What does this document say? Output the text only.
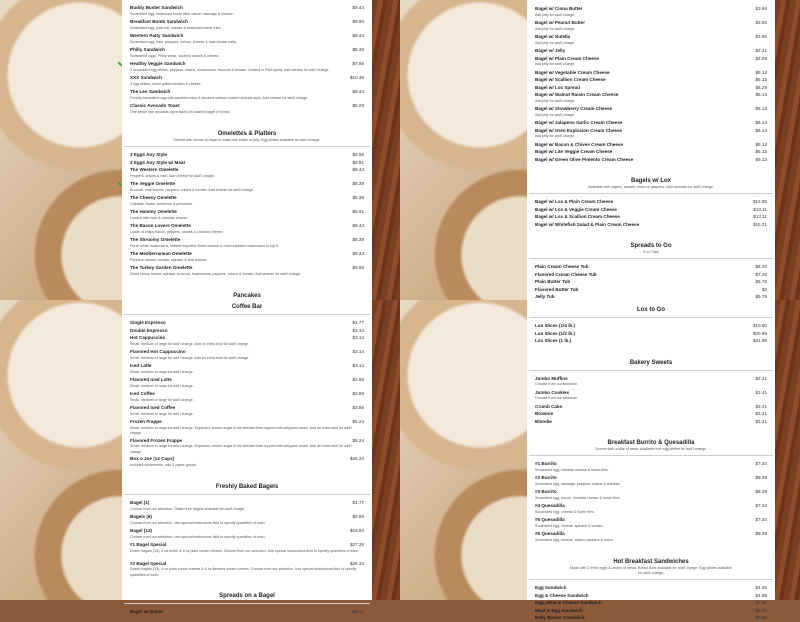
Buddy Buster Sandwich	$9.44
Scrambled egg, seasoned home fries, bacon, sausage & cheese.
Breakfast Bomb Sandwich	$8.60
Scrambled egg, pork roll, cheese & seasoned home fries.
Western Patty Sandwich	$9.44
Scrambled egg, ham, peppers, onions, cheese & hash brown patty.
Philly Sandwich	$8.39
Scrambled eggs, Philly steak, sauteed onions & cheese.
Healthy Veggie Sandwich	$7.86
3 scrambled egg whites, peppers, onions, mushrooms, broccoli & tomato. Cooked in PAM spray. Add cheese for add'l charge.
XXX Sandwich	$10.49
4 egg whites, diced grilled chicken & cheese.
The Leo Sandwich	$9.44
Freshly scrambled egg with sauteed onion & smoked salmon cooked oriental style. Add cheese for add'l charge.
Classic Avocado Toast	$6.29
One whole ripe avocado open faced on toasted bagel or bread.
Omelettes & Platters
Served with choice of bagel or toast with butter or jelly. Egg whites available for add'l charge.
3 Eggs Any Style	$6.56
3 Eggs Any Style w/ Meat	$8.91
The Western Omelette	$9.44
Peppers, onions & ham. Add cheese for add'l charge.
The Veggie Omelette	$8.39
Broccoli, mushrooms, peppers, onions & tomato. Add cheese for add'l charge.
The Cheesy Omelette	$8.39
Cheddar, Swiss, American & provolone.
The Hammy Omelette	$8.91
Loaded with ham & cheddar cheese.
The Bacon Lovers Omelette	$9.44
Loads of crispy bacon, peppers, onions & cheddar cheese.
The Shroomy Omelette	$8.39
Fresh white mushrooms, melted imported Swiss cheese & more sauteed mushrooms to top it.
The Mediterranean Omelette	$9.44
Peppers, onions, tomato, spinach & feta cheese.
The Turkey Garden Omelette	$9.96
Diced turkey breast, spinach, broccoli, mushrooms, peppers, onions & tomato. Add cheese for add'l charge.
Pancakes
Bagel w/ Cinna Butter	$3.66
Add jelly for add'l charge.
Bagel w/ Peanut Butter	$3.56
Add jelly for add'l charge.
Bagel w/ Nutella	$3.56
Add jelly for add'l charge.
Bagel w/ Jelly	$3.41
Bagel w/ Plain Cream Cheese	$4.08
Add jelly for add'l charge.
Bagel w/ Vegetable Cream Cheese	$5.13
Bagel w/ Scallion Cream Cheese	$5.13
Bagel w/ Lox Spread	$6.29
Bagel w/ Walnut Raisin Cream Cheese	$5.13
Add jelly for add'l charge.
Bagel w/ Strawberry Cream Cheese	$5.13
Add jelly for add'l charge.
Bagel w/ Jalapeno Garlic Cream Cheese	$5.13
Bagel w/ Oreo Explosion Cream Cheese	$5.13
Add jelly for add'l charge.
Bagel w/ Bacon & Chives Cream Cheese	$5.13
Bagel w/ Lite Veggie Cream Cheese	$5.13
Bagel w/ Green Olive Pimento Cream Cheese	$5.13
Bagels w/ Lox
Available with capers, tomato, onion or jalapeno. Add avocado for add'l charge.
Bagel w/ Lox & Plain Cream Cheese	$12.06
Bagel w/ Lox & Veggie Cream Cheese	$13.11
Bagel w/ Lox & Scallion Cream Cheese	$13.11
Bagel w/ Whitefish Salad & Plain Cream Cheese	$15.21
Spreads to Go
8 oz Tubs
Plain Cream Cheese Tub	$6.30
Flavored Cream Cheese Tub	$7.35
Plain Butter Tub	$5.78
Flavored Butter Tub	$3
Jelly Tub	$5.78
Coffee Bar
Single Espresso	$1.77
Double Espresso	$3.14
Hot Cappuccino	$3.14
Small, medium or large for add'l charge. Add an extra shot for add'l charge.
Flavored Hot Cappuccino	$3.14
Small, medium or large for add'l charge. Add an extra shot for add'l charge.
Iced Latte	$3.14
Small, medium or large for add'l charge.
Flavored Iced Latte	$2.86
Small, medium or large for add'l charge.
Iced Coffee	$3.86
Small, medium or large for add'l charge.
Flavored Iced Coffee	$3.86
Small, medium or large for add'l charge.
Frozen Frappe	$5.24
Small, medium or large for add'l charge. Espresso, cream, sugar & ice blended then topped with whipped cream. Add an extra shot for add'l charge.
Flavored Frozen Frappe	$5.24
Small, medium or large for add'l charge. Espresso, cream, sugar & ice blended then topped with whipped cream. Add an extra shot for add'l charge.
Box o Joe (12 Cups)	$26.24
Includes condiments, milk & paper goods.
Freshly Baked Bagels
Bagel (1)	$1.77
Choose from our selection. Gluten free bagels available for add'l charge.
Bagels (6)	$9.96
Choose from our selection. Use special instructions field to specify quantities of each.
Bagel (13)	$19.94
Choose from our selection. Use special instructions field to specify quantities of each.
#1 Bagel Special	$27.29
Dozen bagels (13), 8 oz butter & 8 oz plain cream cheese. Choose from our selection. Use special instructions field to specify quantities of each.
#2 Bagel Special	$28.34
Dozen bagels (13), 8 oz plain cream cheese & 8 oz flavored cream cheese. Choose from our selection. Use special instructions field to specify quantities of each.
Spreads on a Bagel
Bagel w/ Butter	$3.41
Lox to Go
Lox Slices (1/4 lb.)	$10.50
Lox Slices (1/2 lb.)	$20.99
Lox Slices (1 lb.)	$41.99
Bakery Sweets
Jumbo Muffins	$3.41
Choose from our selection.
Jumbo Cookies	$3.41
Choose from our selection.
Crumb Cake	$3.41
Brownie	$3.41
Blondie	$3.41
Breakfast Burrito & Quesadilla
Served with a side of salsa. Available with egg whites for add'l charge.
#1 Burrito	$7.34
Scrambled egg, cheddar cheese & home fries.
#2 Burrito	$8.39
Scrambled egg, sausage, peppers, onions & cheddar.
#3 Burrito	$8.39
Scrambled egg, bacon, cheddar cheese & home fries.
#4 Quesadilla	$7.34
Scrambled egg, cheese & home fries.
#5 Quesadilla	$7.34
Scrambled egg, cheese, spinach & tomato.
#6 Quesadilla	$8.39
Scrambled egg, cheese, bacon, peppers & onion.
Hot Breakfast Sandwiches
Made with 2 fresh eggs & choice of bread. Bread subs available for add'l charge. Egg whites available for add'l charge.
Egg Sandwich	$4.46
Egg & Cheese Sandwich	$4.99
Egg, Meat & Cheese Sandwich	$7.61
Meat & Egg Sandwich	$8.92
Belly Buster Sandwich	$9.96
